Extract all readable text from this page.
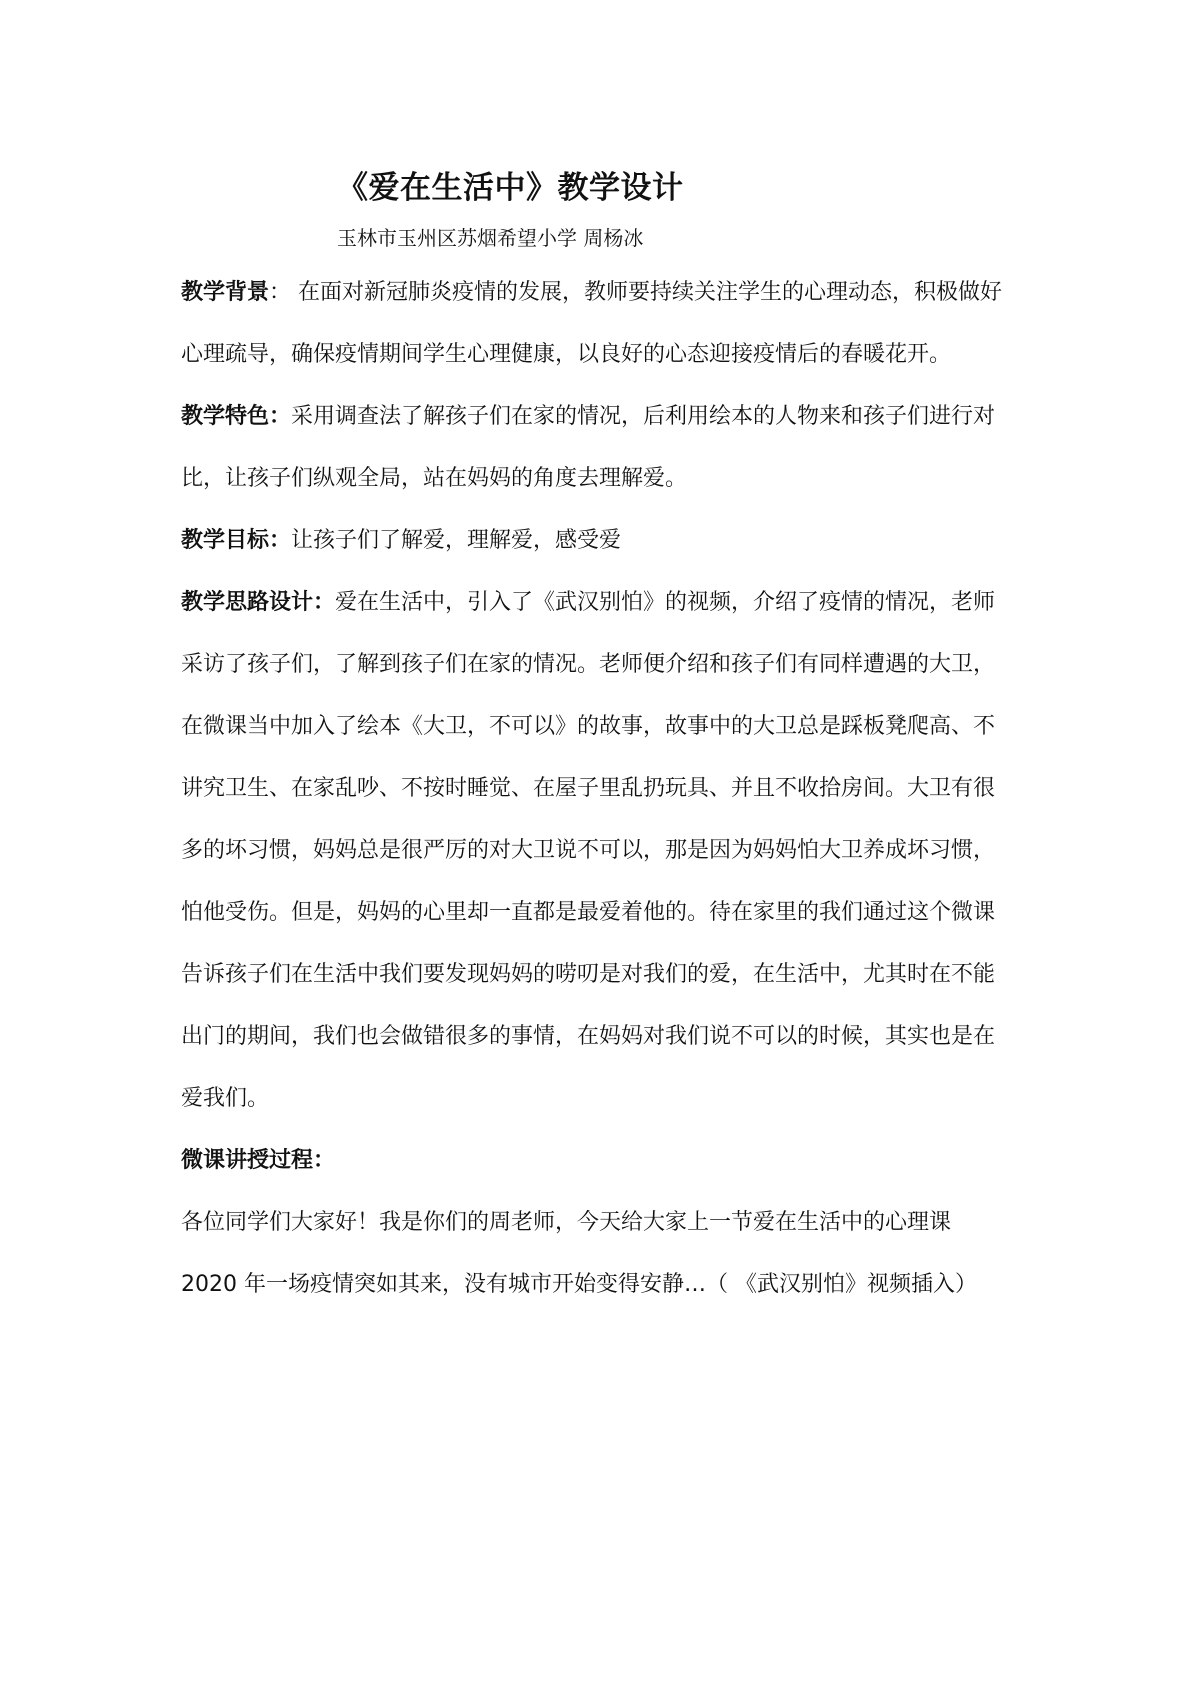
《爱在生活中》教学设计
玉林市玉州区苏烟希望小学 周杨冰

教学背景： 在面对新冠肺炎疫情的发展，教师要持续关注学生的心理动态，积极做好心理疏导，确保疫情期间学生心理健康，以良好的心态迎接疫情后的春暖花开。

教学特色：采用调查法了解孩子们在家的情况，后利用绘本的人物来和孩子们进行对比，让孩子们纵观全局，站在妈妈的角度去理解爱。

教学目标：让孩子们了解爱，理解爱，感受爱

教学思路设计：爱在生活中，引入了《武汉别怕》的视频，介绍了疫情的情况，老师采访了孩子们，了解到孩子们在家的情况。老师便介绍和孩子们有同样遭遇的大卫，在微课当中加入了绘本《大卫，不可以》的故事，故事中的大卫总是踩板凳爬高、不讲究卫生、在家乱吵、不按时睡觉、在屋子里乱扔玩具、并且不收拾房间。大卫有很多的坏习惯，妈妈总是很严厉的对大卫说不可以，那是因为妈妈怕大卫养成坏习惯，怕他受伤。但是，妈妈的心里却一直都是最爱着他的。待在家里的我们通过这个微课告诉孩子们在生活中我们要发现妈妈的唠叨是对我们的爱，在生活中，尤其时在不能出门的期间，我们也会做错很多的事情，在妈妈对我们说不可以的时候，其实也是在爱我们。

微课讲授过程：

各位同学们大家好！我是你们的周老师，今天给大家上一节爱在生活中的心理课

2020 年一场疫情突如其来，没有城市开始变得安静…（ 《武汉别怕》视频插入）
